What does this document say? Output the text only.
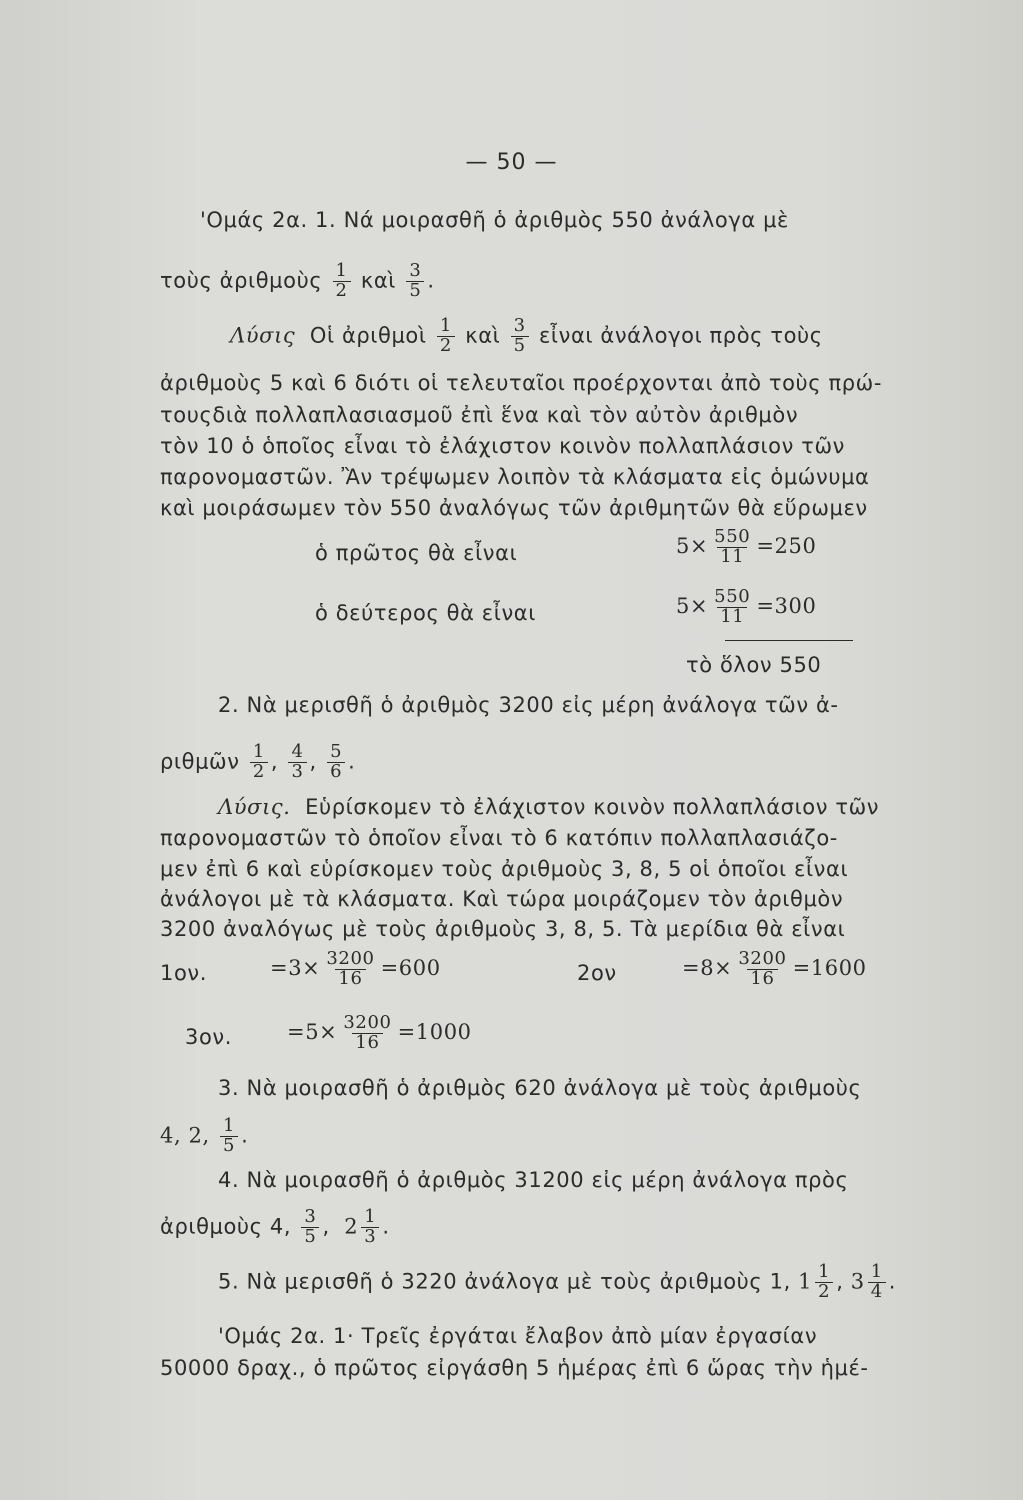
— 50 —
'Ομάς 2α. 1. Νά μοιρασθῆ ὁ ἀριθμὸς 550 ἀνάλογα μὲ
τοὺς ἀριθμοὺς $\frac{1}{2}$ καὶ $\frac{3}{5}$ .
Λύσις Οἱ ἀριθμοὶ $\frac{1}{2}$ καὶ $\frac{3}{5}$ εἶναι ἀνάλογοι πρὸς τοὺς
ἀριθμοὺς 5 καὶ 6 διότι οἱ τελευταῖοι προέρχονται ἀπὸ τοὺς πρώ-
τουςδιὰ πολλαπλασιασμοῦ ἐπὶ ἕνα καὶ τὸν αὐτὸν ἀριθμὸν
τὸν 10 ὁ ὁποῖος εἶναι τὸ ἐλάχιστον κοινὸν πολλαπλάσιον τῶν
παρονομαστῶν. Ἂν τρέψωμεν λοιπὸν τὰ κλάσματα εἰς ὁμώνυμα
καὶ μοιράσωμεν τὸν 550 ἀναλόγως τῶν ἀριθμητῶν θὰ εὕρωμεν
ὁ πρῶτος θὰ εἶναι	$5\times \frac{550}{11} =250$
ὁ δεύτερος θὰ εἶναι	$5\times \frac{550}{11} =300$
τὸ ὅλον 550
2. Νὰ μερισθῆ ὁ ἀριθμὸς 3200 εἰς μέρη ἀνάλογα τῶν ἀ-
ριθμῶν $\frac{1}{2}$ , $\frac{4}{3}$ , $\frac{5}{6}$ .
Λύσις. Εὑρίσκομεν τὸ ἐλάχιστον κοινὸν πολλαπλάσιον τῶν
παρονομαστῶν τὸ ὁποῖον εἶναι τὸ 6 κατόπιν πολλαπλασιάζο-
μεν ἐπὶ 6 καὶ εὑρίσκομεν τοὺς ἀριθμοὺς 3, 8, 5 οἱ ὁποῖοι εἶναι
ἀνάλογοι μὲ τὰ κλάσματα. Καὶ τώρα μοιράζομεν τὸν ἀριθμὸν
3200 ἀναλόγως μὲ τοὺς ἀριθμοὺς 3, 8, 5. Τὰ μερίδια θὰ εἶναι
1ον.	$=3\times \frac{3200}{16} =600$	2ον	$=8\times \frac{3200}{16} =1600$
3ον.	$=5\times \frac{3200}{16} =1000$
3. Νὰ μοιρασθῆ ὁ ἀριθμὸς 620 ἀνάλογα μὲ τοὺς ἀριθμοὺς
4, 2, $\frac{1}{5}$ .
4. Νὰ μοιρασθῆ ὁ ἀριθμὸς 31200 εἰς μέρη ἀνάλογα πρὸς
ἀριθμοὺς 4, $\frac{3}{5}$ ,  $2 \frac{1}{3}$ .
5. Νὰ μερισθῆ ὁ 3220 ἀνάλογα μὲ τοὺς ἀριθμοὺς 1, $1 \frac{1}{2}$ , $3 \frac{1}{4}$ .
'Ομάς 2α. 1· Τρεῖς ἐργάται ἔλαβον ἀπὸ μίαν ἐργασίαν
50000 δραχ., ὁ πρῶτος εἰργάσθη 5 ἡμέρας ἐπὶ 6 ὥρας τὴν ἡμέ-
